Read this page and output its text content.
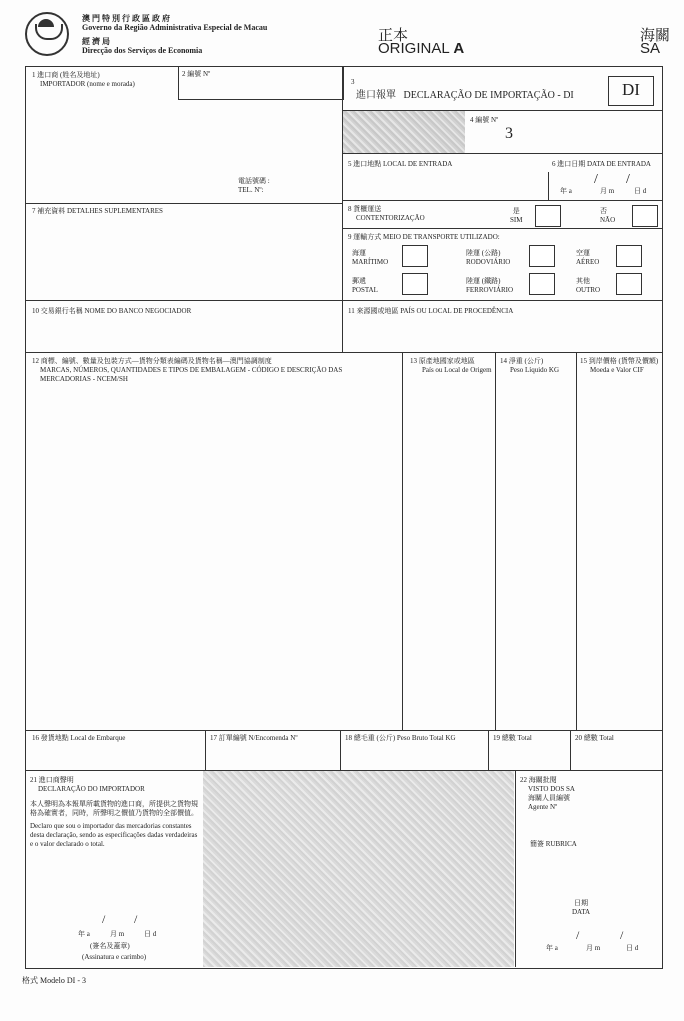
澳 門 特 別 行 政 區 政 府
Governo da Região Administrativa Especial de Macau
經 濟 局
Direcção dos Serviços de Economia
正本
ORIGINAL A
海關
SA
1 進口商 (姓名及地址)
IMPORTADOR (nome e morada)
電話號碼 :
TEL. Nº:
2 編號 Nº
3
進口報單 DECLARAÇÃO DE IMPORTAÇÃO - DI	DI
4 編號 Nº
3
5 進口地點 LOCAL DE ENTRADA	6 進口日期 DATA DE ENTRADA
年 a
/
月 m
/
日 d
7 補充資料 DETALHES SUPLEMENTARES	8 貨櫃運送
CONTENTORIZAÇÃO
是
SIM
否
NÃO
9 運輸方式 MEIO DE TRANSPORTE UTILIZADO:
海運
MARÍTIMO
陸運 (公路)
RODOVIÁRIO
空運
AÉREO
郵遞
POSTAL
陸運 (鐵路)
FERROVIÁRIO
其他
OUTRO
10 交易銀行名稱 NOME DO BANCO NEGOCIADOR	11 來源國或地區 PAÍS OU LOCAL DE PROCEDÊNCIA
12 商標、編號、數量及包裝方式—貨物分類表編碼及貨物名稱—澳門協調制度
MARCAS, NÚMEROS, QUANTIDADES E TIPOS DE EMBALAGEM - CÓDIGO E DESCRIÇÃO DAS MERCADORIAS - NCEM/SH
13 原產地國家或地區
País ou Local de Origem
14 淨重 (公斤)
Peso Líquido KG
15 到岸價格 (貨幣及價額)
Moeda e Valor CIF
16 發貨地點 Local de Embarque	17 訂單編號 N/Encomenda Nº	18 總毛重 (公斤) Peso Bruto Total KG	19 總數 Total	20 總數 Total
21 進口商聲明
DECLARAÇÃO DO IMPORTADOR
本人聲明為本報單所載貨物的進口商，所提供之貨物規格為確實者，同時，所聲明之價值乃貨物的全部價值。
Declaro que sou o importador das mercadorias constantes desta declaração, sendo as especificações dadas verdadeiras e o valor declarado o total.
/ /
年 a	月 m	日 d
(簽名及蓋章)
(Assinatura e carimbo)
22 海關批閱
VISTO DOS SA
海關人員編號
Agente Nº
簡簽 RUBRICA
日期
DATA
/	/
年 a	月 m	日 d
格式 Modelo DI - 3
